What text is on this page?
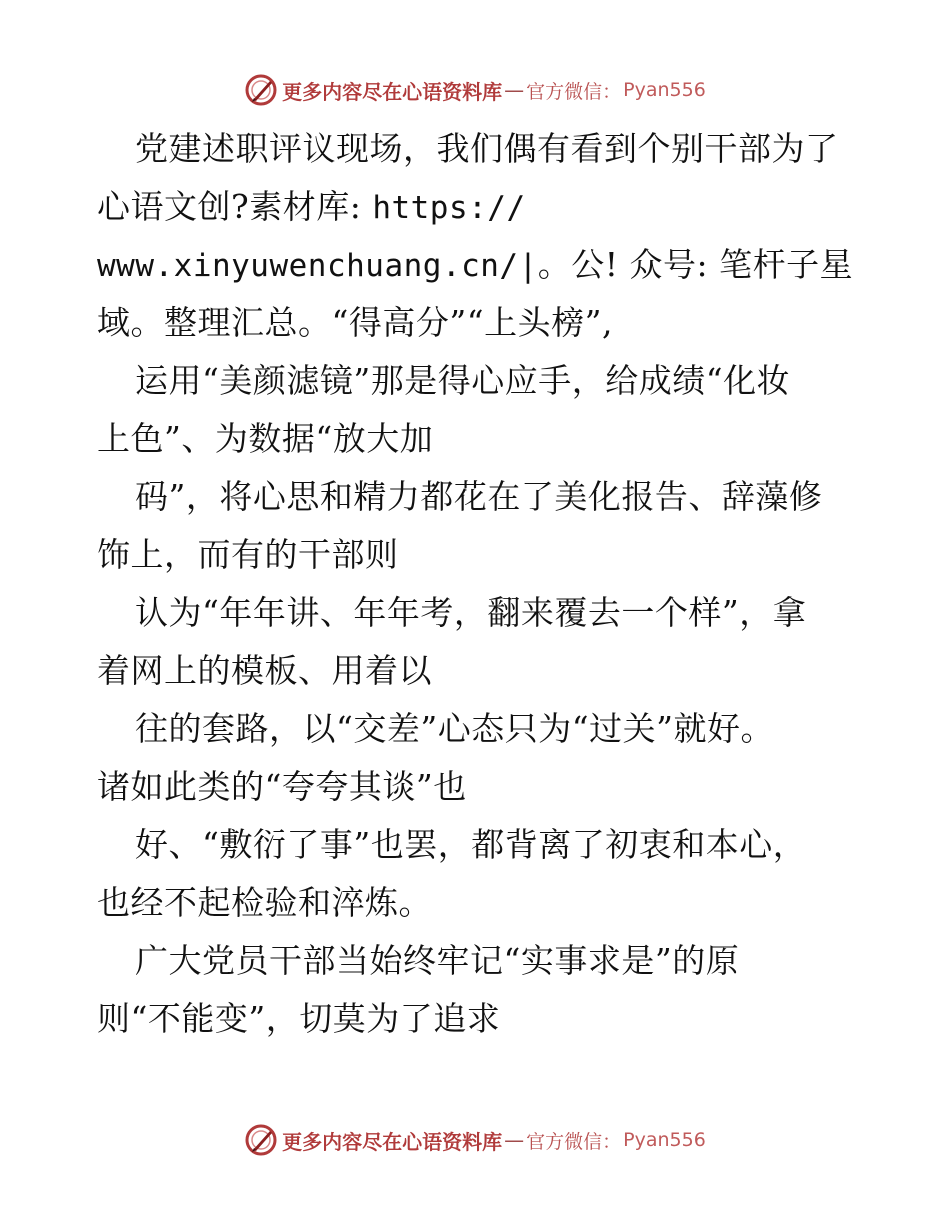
更多内容尽在心语资料库 — 官方微信： Pyan556
党建述职评议现场，我们偶有看到个别干部为了
心语文创?素材库: https://
www.xinyuwenchuang.cn/|。公! 众号: 笔杆子星
域。整理汇总。“得高分”“上头榜”,
运用“美颜滤镜”那是得心应手，给成绩“化妆
上色”、为数据“放大加
码”，将心思和精力都花在了美化报告、辞藻修
饰上，而有的干部则
认为“年年讲、年年考，翻来覆去一个样”，拿
着网上的模板、用着以
往的套路，以“交差”心态只为“过关”就好。
诸如此类的“夸夸其谈”也
好、“敷衍了事”也罢，都背离了初衷和本心，
也经不起检验和淬炼。
广大党员干部当始终牢记“实事求是”的原
则“不能变”，切莫为了追求
更多内容尽在心语资料库 — 官方微信： Pyan556
